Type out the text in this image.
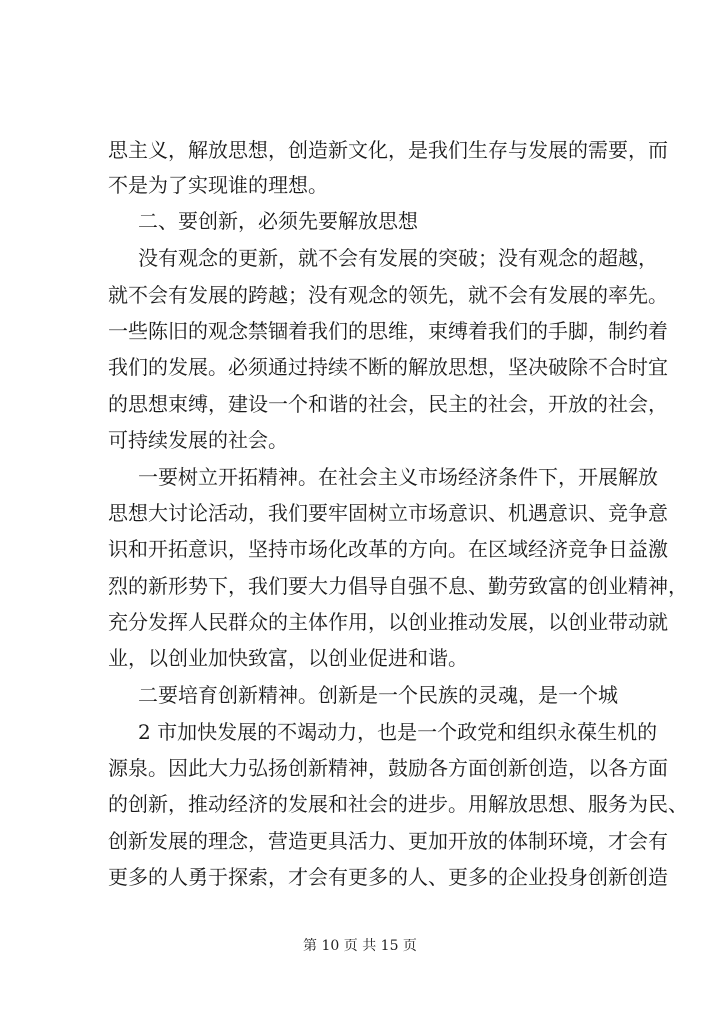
思主义，解放思想，创造新文化，是我们生存与发展的需要，而
不是为了实现谁的理想。
二、要创新，必须先要解放思想
没有观念的更新，就不会有发展的突破；没有观念的超越，
就不会有发展的跨越；没有观念的领先，就不会有发展的率先。
一些陈旧的观念禁锢着我们的思维，束缚着我们的手脚，制约着
我们的发展。必须通过持续不断的解放思想，坚决破除不合时宜
的思想束缚，建设一个和谐的社会，民主的社会，开放的社会，
可持续发展的社会。
一要树立开拓精神。在社会主义市场经济条件下，开展解放
思想大讨论活动，我们要牢固树立市场意识、机遇意识、竞争意
识和开拓意识，坚持市场化改革的方向。在区域经济竞争日益激
烈的新形势下，我们要大力倡导自强不息、勤劳致富的创业精神，
充分发挥人民群众的主体作用，以创业推动发展，以创业带动就
业，以创业加快致富，以创业促进和谐。
二要培育创新精神。创新是一个民族的灵魂，是一个城
2 市加快发展的不竭动力，也是一个政党和组织永葆生机的
源泉。因此大力弘扬创新精神，鼓励各方面创新创造，以各方面
的创新，推动经济的发展和社会的进步。用解放思想、服务为民、
创新发展的理念，营造更具活力、更加开放的体制环境，才会有
更多的人勇于探索，才会有更多的人、更多的企业投身创新创造
第 10 页 共 15 页
